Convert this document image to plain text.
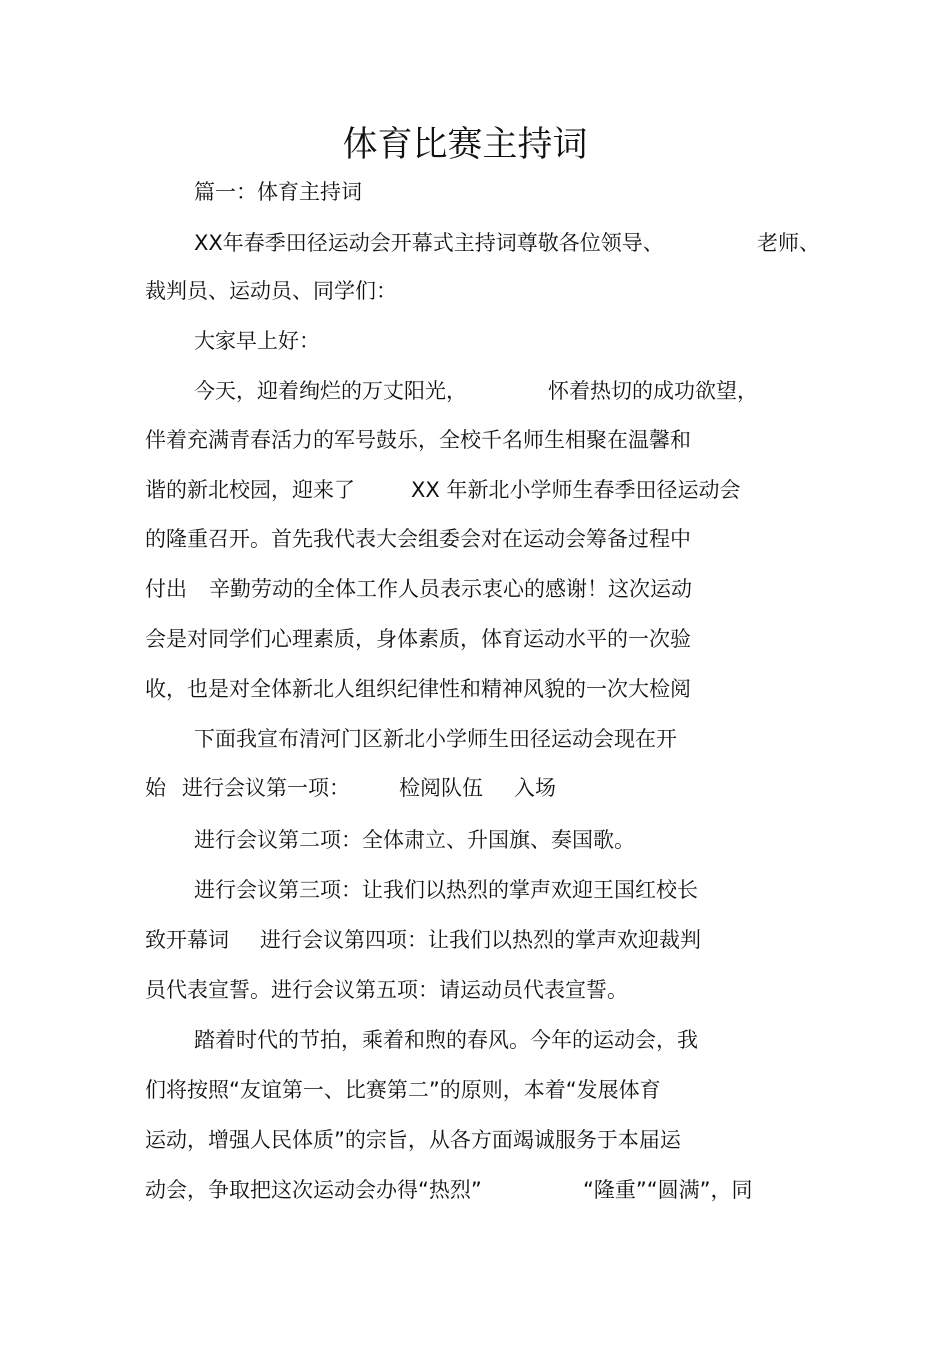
体育比赛主持词
篇一：体育主持词
XX年春季田径运动会开幕式主持词尊敬各位领导、	老师、
裁判员、运动员、同学们：
大家早上好：
今天，迎着绚烂的万丈阳光，	怀着热切的成功欲望，
伴着充满青春活力的军号鼓乐，全校千名师生相聚在温馨和
谐的新北校园，迎来了	XX 年新北小学师生春季田径运动会
的隆重召开。首先我代表大会组委会对在运动会筹备过程中
付出 辛勤劳动的全体工作人员表示衷心的感谢！这次运动
会是对同学们心理素质，身体素质，体育运动水平的一次验
收，也是对全体新北人组织纪律性和精神风貌的一次大检阅
下面我宣布清河门区新北小学师生田径运动会现在开
始 进行会议第一项： 检阅队伍 入场
进行会议第二项：全体肃立、升国旗、奏国歌。
进行会议第三项：让我们以热烈的掌声欢迎王国红校长
致开幕词 进行会议第四项：让我们以热烈的掌声欢迎裁判
员代表宣誓。进行会议第五项：请运动员代表宣誓。
踏着时代的节拍，乘着和煦的春风。今年的运动会，我
们将按照“友谊第一、比赛第二”的原则，本着“发展体育
运动，增强人民体质”的宗旨，从各方面竭诚服务于本届运
动会，争取把这次运动会办得“热烈”	“隆重”“圆满”，同
